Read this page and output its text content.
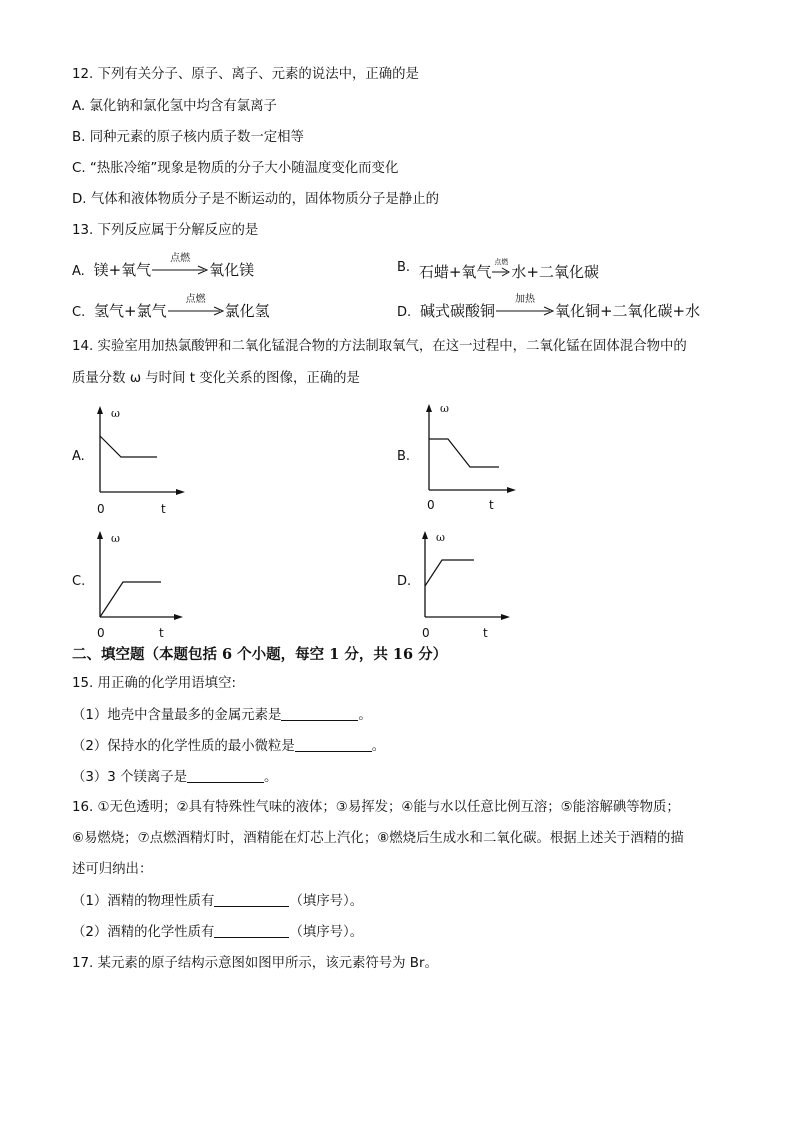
12. 下列有关分子、原子、离子、元素的说法中，正确的是
A. 氯化钠和氯化氢中均含有氯离子
B. 同种元素的原子核内质子数一定相等
C. “热胀冷缩”现象是物质的分子大小随温度变化而变化
D. 气体和液体物质分子是不断运动的，固体物质分子是静止的
13. 下列反应属于分解反应的是
A. 镁+氧气
点燃
氧化镁	B. 石蜡+氧气
点燃
水+二氧化碳
C. 氢气+氯气
点燃
氯化氢	D. 碱式碳酸铜
加热
氧化铜+二氧化碳+水
14. 实验室用加热氯酸钾和二氧化锰混合物的方法制取氧气，在这一过程中，二氧化锰在固体混合物中的
质量分数 ω 与时间 t 变化关系的图像，正确的是
A.
ω
0	t
B.
ω
0	t
C.
ω
0	t
D.
ω
0	t
二、填空题（本题包括 6 个小题，每空 1 分，共 16 分）
15. 用正确的化学用语填空:
（1）地壳中含量最多的金属元素是	。
（2）保持水的化学性质的最小微粒是	。
（3）3 个镁离子是	。
16. ①无色透明；②具有特殊性气味的液体；③易挥发；④能与水以任意比例互溶；⑤能溶解碘等物质；
⑥易燃烧；⑦点燃酒精灯时，酒精能在灯芯上汽化；⑧燃烧后生成水和二氧化碳。根据上述关于酒精的描
述可归纳出：
（1）酒精的物理性质有	（填序号）。
（2）酒精的化学性质有	（填序号）。
17. 某元素的原子结构示意图如图甲所示，该元素符号为 Br。
